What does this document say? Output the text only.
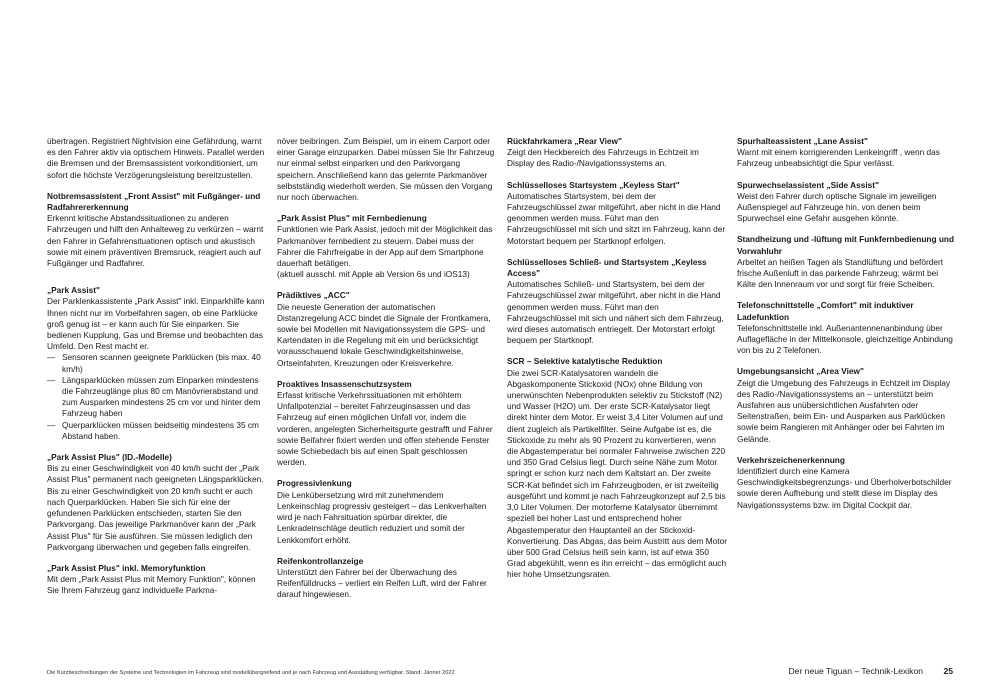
übertragen. Registriert Nightvision eine Gefährdung, warnt es den Fahrer aktiv via optischem Hinweis. Parallel werden die Bremsen und der Bremsassistent vorkonditioniert, um sofort die höchste Verzögerungsleistung bereitzustellen.
Notbremsassistent „Front Assist" mit Fußgänger- und Radfahrererkennung
Erkennt kritische Abstandssituationen zu anderen Fahrzeugen und hilft den Anhalteweg zu verkürzen – warnt den Fahrer in Gefahrensituationen optisch und akustisch sowie mit einem präventiven Bremsruck, reagiert auch auf Fußgänger und Radfahrer.
„Park Assist"
Der Parklenkassistente „Park Assist" inkl. Einparkhilfe kann Ihnen nicht nur im Vorbeifahren sagen, ob eine Parklücke groß genug ist – er kann auch für Sie einparken. Sie bedienen Kupplung, Gas und Bremse und beobachten das Umfeld. Den Rest macht er.
— Sensoren scannen geeignete Parklücken (bis max. 40 km/h)
— Längsparklücken müssen zum Einparken mindestens die Fahrzeuglänge plus 80 cm Manövrierabstand und zum Ausparken mindestens 25 cm vor und hinter dem Fahrzeug haben
— Querparklücken müssen beidseitig mindestens 35 cm Abstand haben.
„Park Assist Plus" (ID.-Modelle)
Bis zu einer Geschwindigkeit von 40 km/h sucht der „Park Assist Plus" permanent nach geeigneten Längsparklücken. Bis zu einer Geschwindigkeit von 20 km/h sucht er auch nach Querparklücken. Haben Sie sich für eine der gefundenen Parklücken entschieden, starten Sie den Parkvorgang. Das jeweilige Parkmanöver kann der „Park Assist Plus" für Sie ausführen. Sie müssen lediglich den Parkvorgang überwachen und gegeben falls eingreifen.
„Park Assist Plus" inkl. Memoryfunktion
Mit dem „Park Assist Plus mit Memory Funktion", können Sie Ihrem Fahrzeug ganz individuelle Parkma-
növer beibringen. Zum Beispiel, um in einem Carport oder einer Garage einzuparken. Dabei müssen Sie Ihr Fahrzeug nur einmal selbst einparken und den Parkvorgang speichern. Anschließend kann das gelernte Parkmanöver selbstständig wiederholt werden. Sie müssen den Vorgang nur noch überwachen.
„Park Assist Plus" mit Fernbedienung
Funktionen wie Park Assist, jedoch mit der Möglichkeit das Parkmanöver fernbedient zu steuern. Dabei muss der Fahrer die Fahrfreigabe in der App auf dem Smartphone dauerhaft betätigen.
(aktuell ausschl. mit Apple ab Version 6s und iOS13)
Prädiktives „ACC"
Die neueste Generation der automatischen Distanzregelung ACC bindet die Signale der Frontkamera, sowie bei Modellen mit Navigationssystem die GPS- und Kartendaten in die Regelung mit ein und berücksichtigt vorausschauend lokale Geschwindigkeitshinweise, Ortseinfahrten, Kreuzungen oder Kreisverkehre.
Proaktives Insassenschutzsystem
Erfasst kritische Verkehrssituationen mit erhöhtem Unfallpotenzial – bereitet Fahrzeuginsassen und das Fahrzeug auf einen möglichen Unfall vor, indem die vorderen, angelegten Sicherheitsgurte gestrafft und Fahrer sowie Beifahrer fixiert werden und offen stehende Fenster sowie Schiebedach bis auf einen Spalt geschlossen werden.
Progressivlenkung
Die Lenkübersetzung wird mit zunehmendem Lenkeinschlag progressiv gesteigert – das Lenkverhalten wird je nach Fahrsituation spürbar direkter, die Lenkradeinschläge deutlich reduziert und somit der Lenkkomfort erhöht.
Reifenkontrollanzeige
Unterstützt den Fahrer bei der Überwachung des Reifenfülldrucks – verliert ein Reifen Luft, wird der Fahrer darauf hingewiesen.
Rückfahrkamera „Rear View"
Zeigt den Heckbereich des Fahrzeugs in Echtzeit im Display des Radio-/Navigationssystems an.
Schlüsselloses Startsystem „Keyless Start"
Automatisches Startsystem, bei dem der Fahrzeugschlüssel zwar mitgeführt, aber nicht in die Hand genommen werden muss. Führt man den Fahrzeugschlüssel mit sich und sitzt im Fahrzeug, kann der Motorstart bequem per Startknopf erfolgen.
Schlüsselloses Schließ- und Startsystem „Keyless Access"
Automatisches Schließ- und Startsystem, bei dem der Fahrzeugschlüssel zwar mitgeführt, aber nicht in die Hand genommen werden muss. Führt man den Fahrzeugschlüssel mit sich und nähert sich dem Fahrzeug, wird dieses automatisch entriegelt. Der Motorstart erfolgt bequem per Startknopf.
SCR – Selektive katalytische Reduktion
Die zwei SCR-Katalysatoren wandeln die Abgaskomponente Stickoxid (NOx) ohne Bildung von unerwünschten Nebenprodukten selektiv zu Stickstoff (N2) und Wasser (H2O) um. Der erste SCR-Katalysator liegt direkt hinter dem Motor. Er weist 3,4 Liter Volumen auf und dient zugleich als Partikelfilter. Seine Aufgabe ist es, die Stickoxide zu mehr als 90 Prozent zu konvertieren, wenn die Abgastemperatur bei normaler Fahrweise zwischen 220 und 350 Grad Celsius liegt. Durch seine Nähe zum Motor springt er schon kurz nach dem Kaltstart an. Der zweite SCR-Kat befindet sich im Fahrzeugboden, er ist zweiteilig ausgeführt und kommt je nach Fahrzeugkonzept auf 2,5 bis 3,0 Liter Volumen. Der motorferne Katalysator übernimmt speziell bei hoher Last und entsprechend hoher Abgastemperatur den Hauptanteil an der Stickoxid-Konvertierung. Das Abgas, das beim Austritt aus dem Motor über 500 Grad Celsius heiß sein kann, ist auf etwa 350 Grad abgekühlt, wenn es ihn erreicht – das ermöglicht auch hier hohe Umsetzungsraten.
Spurhalteassistent „Lane Assist"
Warnt mit einem korrigierenden Lenkeingriff , wenn das Fahrzeug unbeabsichtigt die Spur verlässt.
Spurwechselassistent „Side Assist"
Weist den Fahrer durch optische Signale im jeweiligen Außenspiegel auf Fahrzeuge hin, von denen beim Spurwechsel eine Gefahr ausgehen könnte.
Standheizung und -lüftung mit Funkfernbedienung und Vorwahluhr
Arbeitet an heißen Tagen als Standlüftung und befördert frische Außenluft in das parkende Fahrzeug; wärmt bei Kälte den Innenraum vor und sorgt für freie Scheiben.
Telefonschnittstelle „Comfort" mit induktiver Ladefunktion
Telefonschnittstelle inkl. Außenantennenanbindung über Auflagefläche in der Mittelkonsole, gleichzeitige Anbindung von bis zu 2 Telefonen.
Umgebungsansicht „Area View"
Zeigt die Umgebung des Fahrzeugs in Echtzeit im Display des Radio-/Navigationssystems an – unterstützt beim Ausfahren aus unübersichtlichen Ausfahrten oder Seitenstraßen, beim Ein- und Ausparken aus Parklücken sowie beim Rangieren mit Anhänger oder bei Fahrten im Gelände.
Verkehrszeichenerkennung
Identifiziert durch eine Kamera Geschwindigkeitsbegrenzungs- und Überholverbotschilder sowie deren Aufhebung und stellt diese im Display des Navigationssystems bzw. im Digital Cockpit dar.
Die Kurzbeschreibungen der Systeme und Technologien im Fahrzeug sind modellübergreifend und je nach Fahrzeug und Ausstattung verfügbar. Stand: Jänner 2022	Der neue Tiguan – Technik-Lexikon 25
